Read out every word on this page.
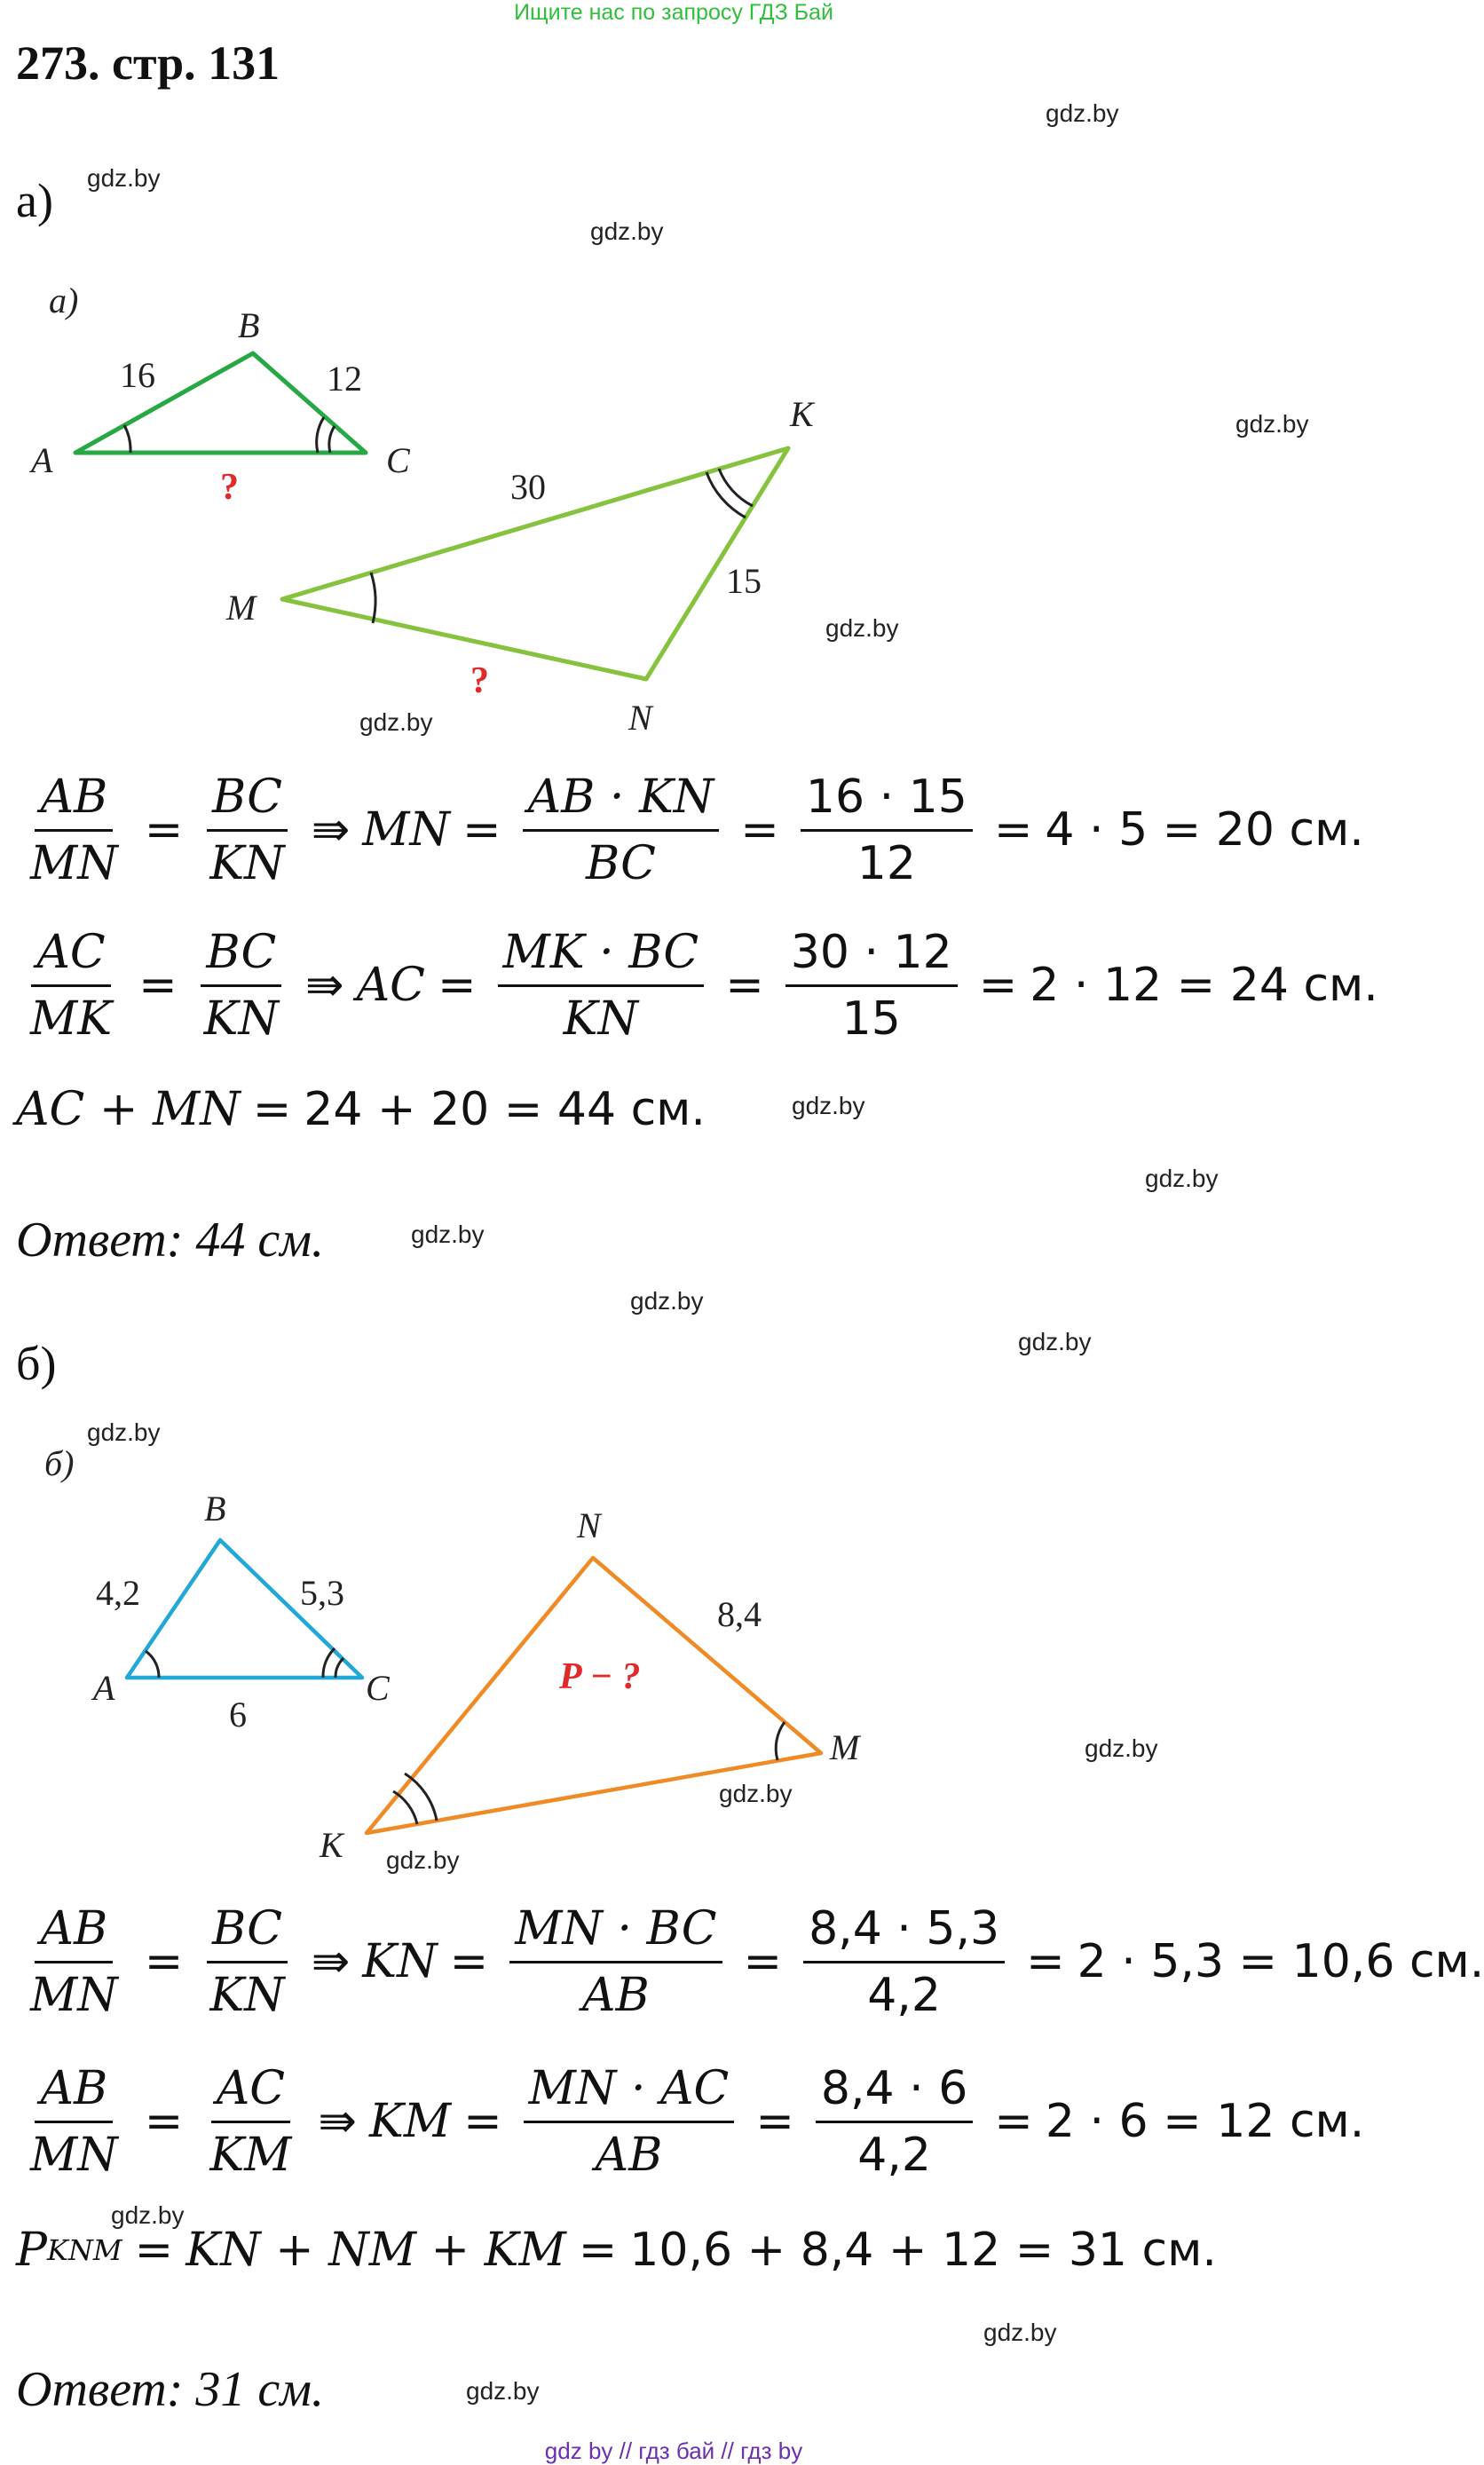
Ищите нас по запросу ГДЗ Бай
273. стр. 131
gdz.by
gdz.by
gdz.by
gdz.by
gdz.by
gdz.by
gdz.by
gdz.by
gdz.by
gdz.by
gdz.by
gdz.by
gdz.by
gdz.by
gdz.by
gdz.by
gdz.by
gdz.by
а)
а)
A
B
C
16	12
?
M
K
N
30
15
?
$\frac{AB}{MN} = \frac{BC}{KN}$ ⇛ MN = $\frac{AB \cdot KN}{BC} = \frac{16 \cdot 15}{12} = 4 \cdot 5 = 20$ см.
$\frac{AC}{MK} = \frac{BC}{KN}$ ⇛ AC = $\frac{MK \cdot BC}{KN} = \frac{30 \cdot 12}{15} = 2 \cdot 12 = 24$ см.
AC + MN = 24 + 20 = 44 см.
Ответ: 44 см.
б)
б)
A
B
C
4,2	5,3
6
N
M
K
8,4
P − ?
$\frac{AB}{MN} = \frac{BC}{KN}$ ⇛ KN = $\frac{MN \cdot BC}{AB} = \frac{8,4 \cdot 5,3}{4,2} = 2 \cdot 5,3 = 10,6$ см.
$\frac{AB}{MN} = \frac{AC}{KM}$ ⇛ KM = $\frac{MN \cdot AC}{AB} = \frac{8,4 \cdot 6}{4,2} = 2 \cdot 6 = 12$ см.
P KNM = KN + NM + KM = 10,6 + 8,4 + 12 = 31 см.
Ответ: 31 см.
gdz by // гдз бай // гдз by
